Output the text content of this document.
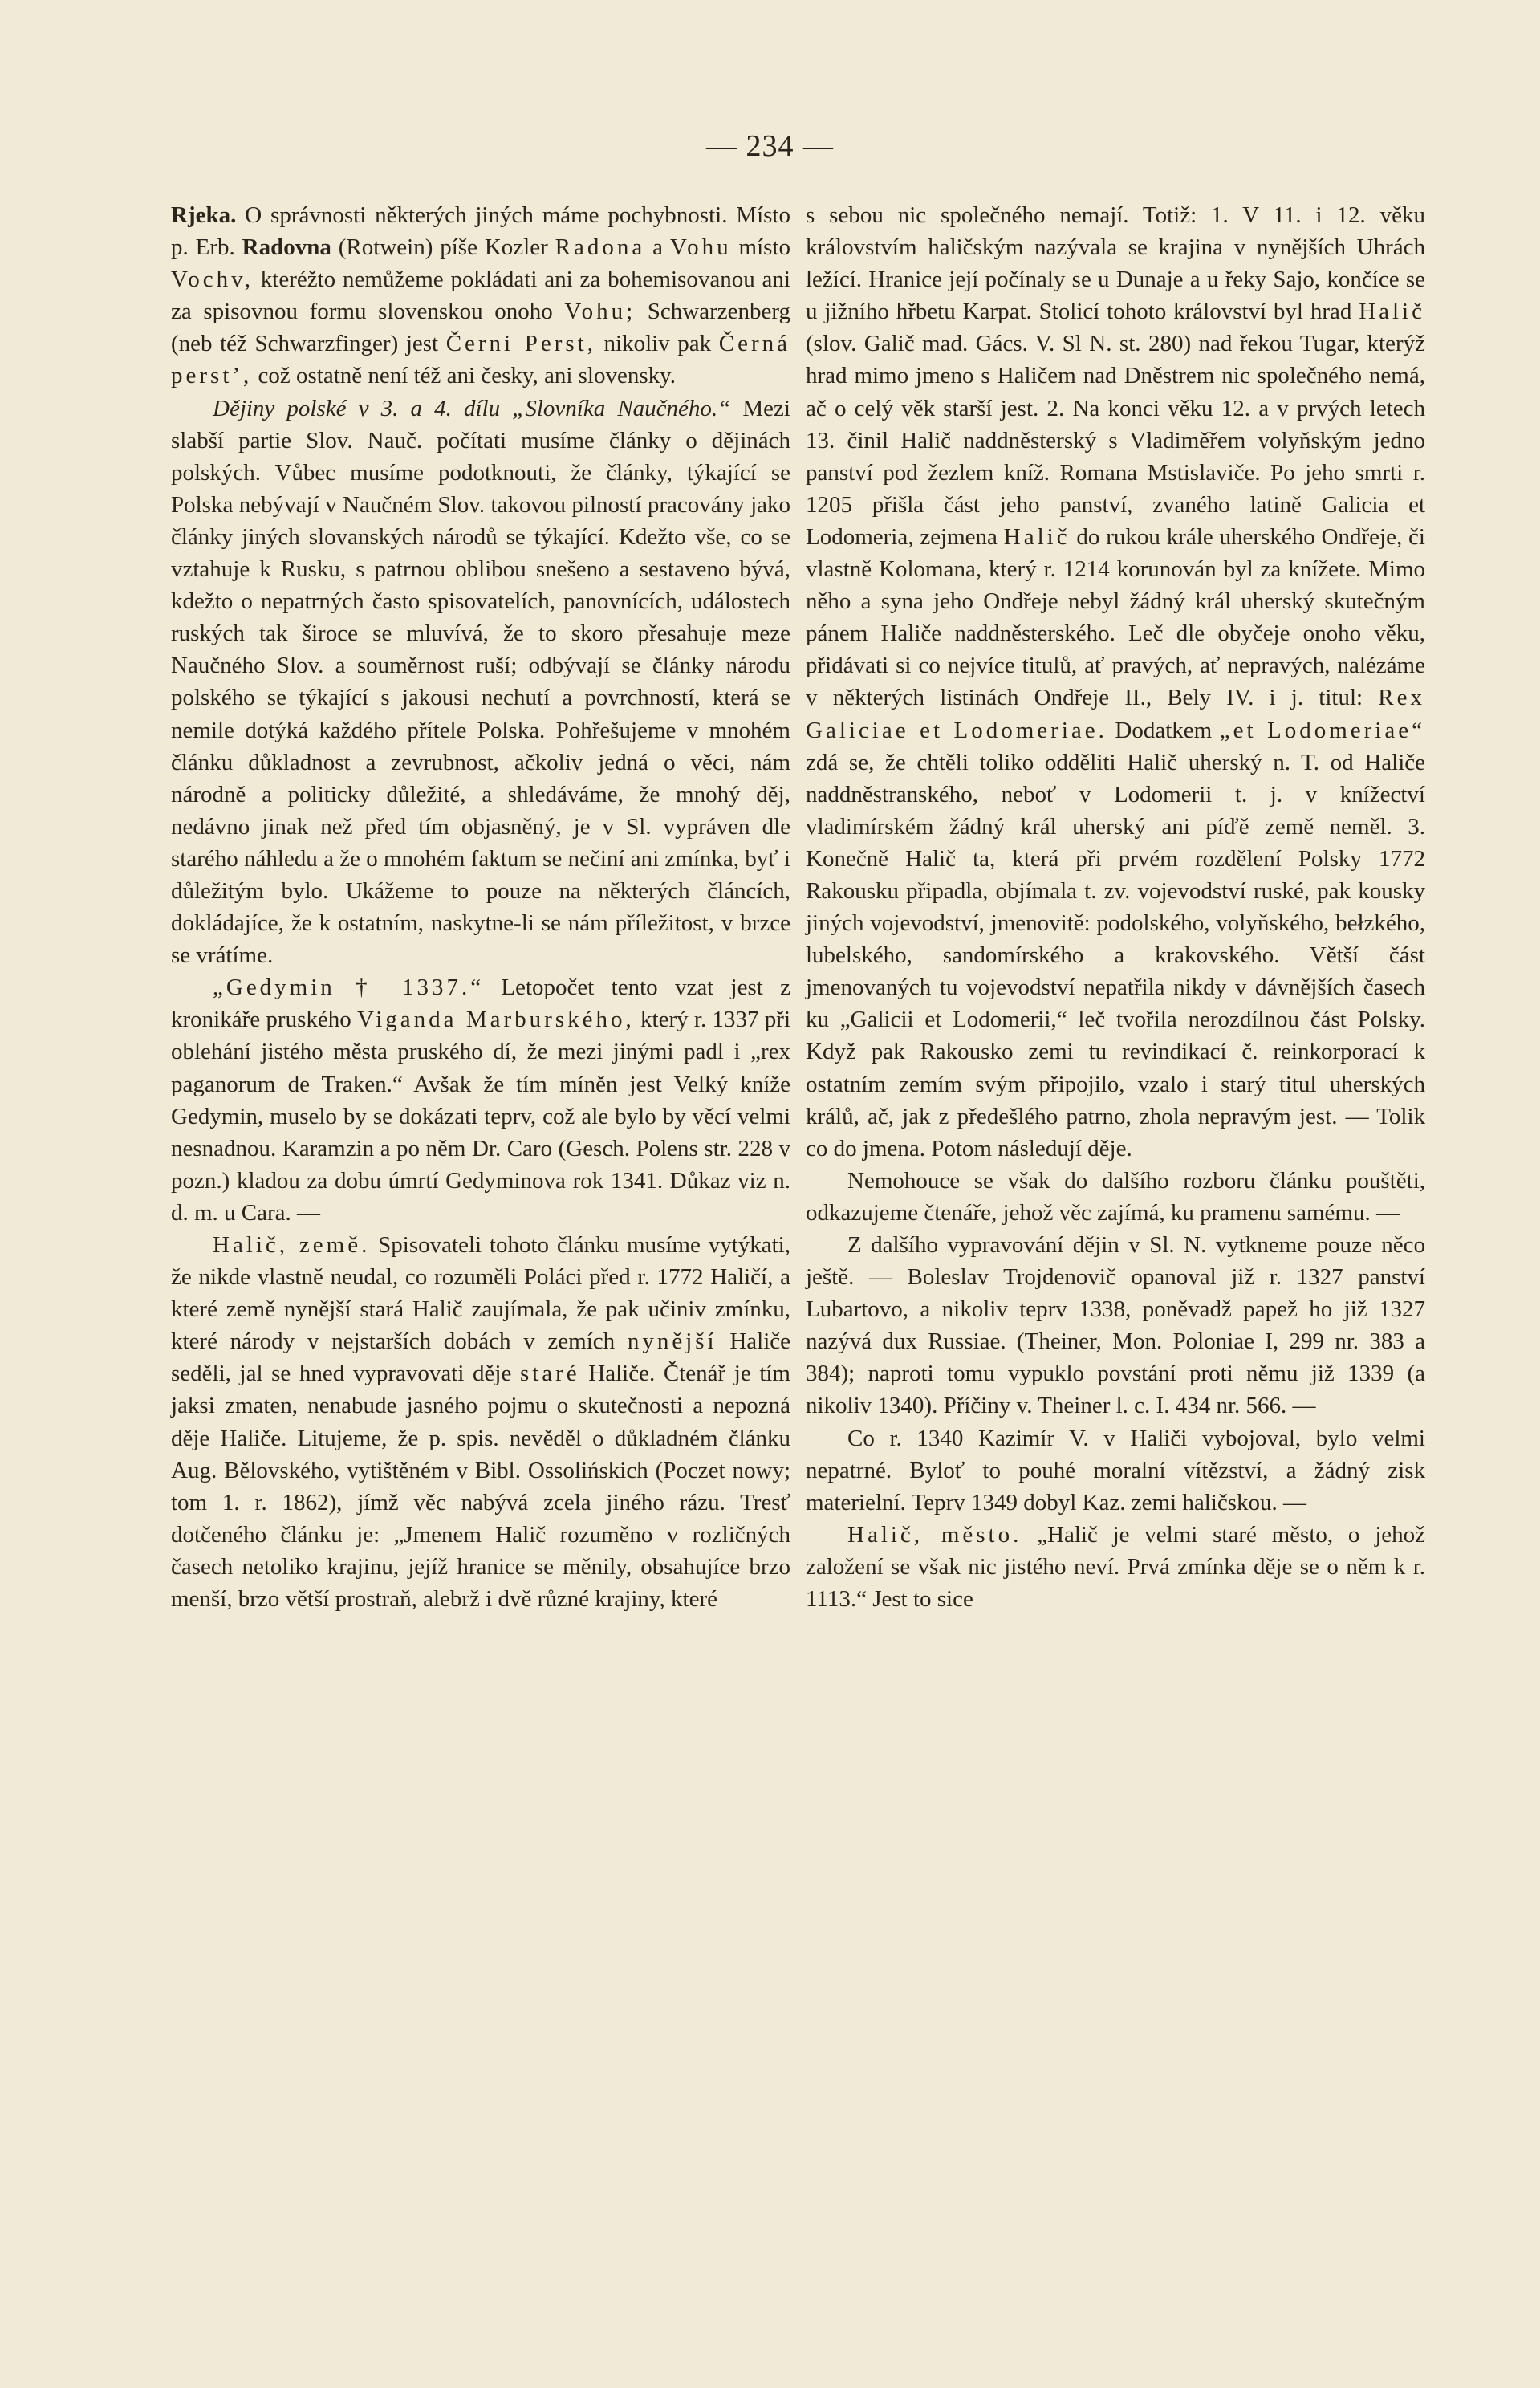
— 234 —

Rjeka. O správnosti některých jiných máme pochybnosti. Místo p. Erb. Radovna (Rotwein) píše Kozler Radona a Vohu místo Vochv, kteréžto nemůžeme pokládati ani za bohemisovanou ani za spisovnou formu slovenskou onoho Vohu; Schwarzenberg (neb též Schwarzfinger) jest Černi Perst, nikoliv pak Černá perst’, což ostatně není též ani česky, ani slovensky.

Dějiny polské v 3. a 4. dílu „Slovníka Naučného.“ Mezi slabší partie Slov. Nauč. počítati musíme články o dějinách polských. Vůbec musíme podotknouti, že články, týkající se Polska nebývají v Naučném Slov. takovou pilností pracovány jako články jiných slovanských národů se týkající. Kdežto vše, co se vztahuje k Rusku, s patrnou oblibou snešeno a sestaveno bývá, kdežto o nepatrných často spisovatelích, panovnících, událostech ruských tak široce se mluvívá, že to skoro přesahuje meze Naučného Slov. a souměrnost ruší; odbývají se články národu polského se týkající s jakousi nechutí a povrchností, která se nemile dotýká každého přítele Polska. Pohřešujeme v mnohém článku důkladnost a zevrubnost, ačkoliv jedná o věci, nám národně a politicky důležité, a shledáváme, že mnohý děj, nedávno jinak než před tím objasněný, je v Sl. vypráven dle starého náhledu a že o mnohém faktum se nečiní ani zmínka, byť i důležitým bylo. Ukážeme to pouze na některých článcích, dokládajíce, že k ostatním, naskytne-li se nám příležitost, v brzce se vrátíme.

„Gedymin † 1337.“ Letopočet tento vzat jest z kronikáře pruského Viganda Marburského, který r. 1337 při oblehání jistého města pruského dí, že mezi jinými padl i „rex paganorum de Traken.“ Avšak že tím míněn jest Velký kníže Gedymin, muselo by se dokázati teprv, což ale bylo by věcí velmi nesnadnou. Karamzin a po něm Dr. Caro (Gesch. Polens str. 228 v pozn.) kladou za dobu úmrtí Gedyminova rok 1341. Důkaz viz n. d. m. u Cara. —

Halič, země. Spisovateli tohoto článku musíme vytýkati, že nikde vlastně neudal, co rozuměli Poláci před r. 1772 Haličí, a které země nynější stará Halič zaujímala, že pak učiniv zmínku, které národy v nejstarších dobách v zemích nynější Haliče seděli, jal se hned vypravovati děje staré Haliče. Čtenář je tím jaksi zmaten, nenabude jasného pojmu o skutečnosti a nepozná děje Haliče. Litujeme, že p. spis. nevěděl o důkladném článku Aug. Bělovského, vytištěném v Bibl. Ossolińskich (Poczet nowy; tom 1. r. 1862), jímž věc nabývá zcela jiného rázu. Tresť dotčeného článku je: „Jmenem Halič rozuměno v rozličných časech netoliko krajinu, jejíž hranice se měnily, obsahujíce brzo menší, brzo větší prostraň, alebrž i dvě různé krajiny, které

s sebou nic společného nemají. Totiž: 1. V 11. i 12. věku královstvím haličským nazývala se krajina v nynějších Uhrách ležící. Hranice její počínaly se u Dunaje a u řeky Sajo, končíce se u jižního hřbetu Karpat. Stolicí tohoto království byl hrad Halič (slov. Galič mad. Gács. V. Sl N. st. 280) nad řekou Tugar, kterýž hrad mimo jmeno s Haličem nad Dněstrem nic společného nemá, ač o celý věk starší jest. 2. Na konci věku 12. a v prvých letech 13. činil Halič naddněsterský s Vladiměřem volyňským jedno panství pod žezlem kníž. Romana Mstislaviče. Po jeho smrti r. 1205 přišla část jeho panství, zvaného latině Galicia et Lodomeria, zejmena Halič do rukou krále uherského Ondřeje, či vlastně Kolomana, který r. 1214 korunován byl za knížete. Mimo něho a syna jeho Ondřeje nebyl žádný král uherský skutečným pánem Haliče naddněsterského. Leč dle obyčeje onoho věku, přidávati si co nejvíce titulů, ať pravých, ať nepravých, nalézáme v některých listinách Ondřeje II., Bely IV. i j. titul: Rex Galiciae et Lodomeriae. Dodatkem „et Lodomeriae“ zdá se, že chtěli toliko odděliti Halič uherský n. T. od Haliče naddněstranského, neboť v Lodomerii t. j. v knížectví vladimírském žádný král uherský ani píďě země neměl. 3. Konečně Halič ta, která při prvém rozdělení Polsky 1772 Rakousku připadla, objímala t. zv. vojevodství ruské, pak kousky jiných vojevodství, jmenovitě: podolského, volyňského, bełzkého, lubelského, sandomírského a krakovského. Větší část jmenovaných tu vojevodství nepatřila nikdy v dávnějších časech ku „Galicii et Lodomerii,“ leč tvořila nerozdílnou část Polsky. Když pak Rakousko zemi tu revindikací č. reinkorporací k ostatním zemím svým připojilo, vzalo i starý titul uherských králů, ač, jak z předešlého patrno, zhola nepravým jest. — Tolik co do jmena. Potom následují děje.

Nemohouce se však do dalšího rozboru článku pouštěti, odkazujeme čtenáře, jehož věc zajímá, ku pramenu samému. —

Z dalšího vypravování dějin v Sl. N. vytkneme pouze něco ještě. — Boleslav Trojdenovič opanoval již r. 1327 panství Lubartovo, a nikoliv teprv 1338, poněvadž papež ho již 1327 nazývá dux Russiae. (Theiner, Mon. Poloniae I, 299 nr. 383 a 384); naproti tomu vypuklo povstání proti němu již 1339 (a nikoliv 1340). Příčiny v. Theiner l. c. I. 434 nr. 566. —

Co r. 1340 Kazimír V. v Haliči vybojoval, bylo velmi nepatrné. Byloť to pouhé moralní vítězství, a žádný zisk materielní. Teprv 1349 dobyl Kaz. zemi haličskou. —

Halič, město. „Halič je velmi staré město, o jehož založení se však nic jistého neví. Prvá zmínka děje se o něm k r. 1113.“ Jest to sice
